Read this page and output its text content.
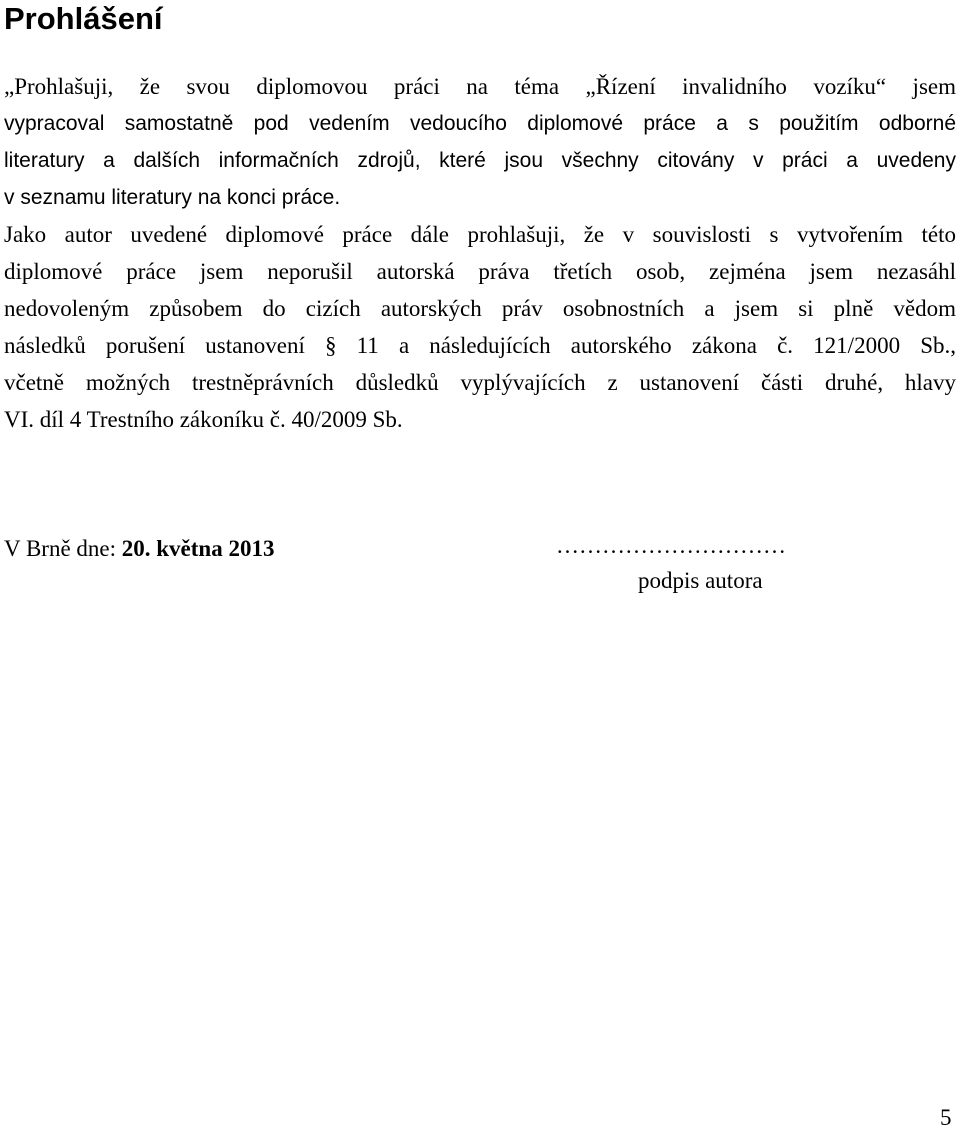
Prohlášení
„Prohlašuji, že svou diplomovou práci na téma „Řízení invalidního vozíku“ jsem
vypracoval samostatně pod vedením vedoucího diplomové práce a s použitím odborné
literatury a dalších informačních zdrojů, které jsou všechny citovány v práci a uvedeny
v seznamu literatury na konci práce.
Jako autor uvedené diplomové práce dále prohlašuji, že v souvislosti s vytvořením této
diplomové práce jsem neporušil autorská práva třetích osob, zejména jsem nezasáhl
nedovoleným způsobem do cizích autorských práv osobnostních a jsem si plně vědom
následků porušení ustanovení § 11 a následujících autorského zákona č. 121/2000 Sb.,
včetně možných trestněprávních důsledků vyplývajících z ustanovení části druhé, hlavy
VI. díl 4 Trestního zákoníku č. 40/2009 Sb.
V Brně dne: 20. května 2013	…………………………
podpis autora
5
